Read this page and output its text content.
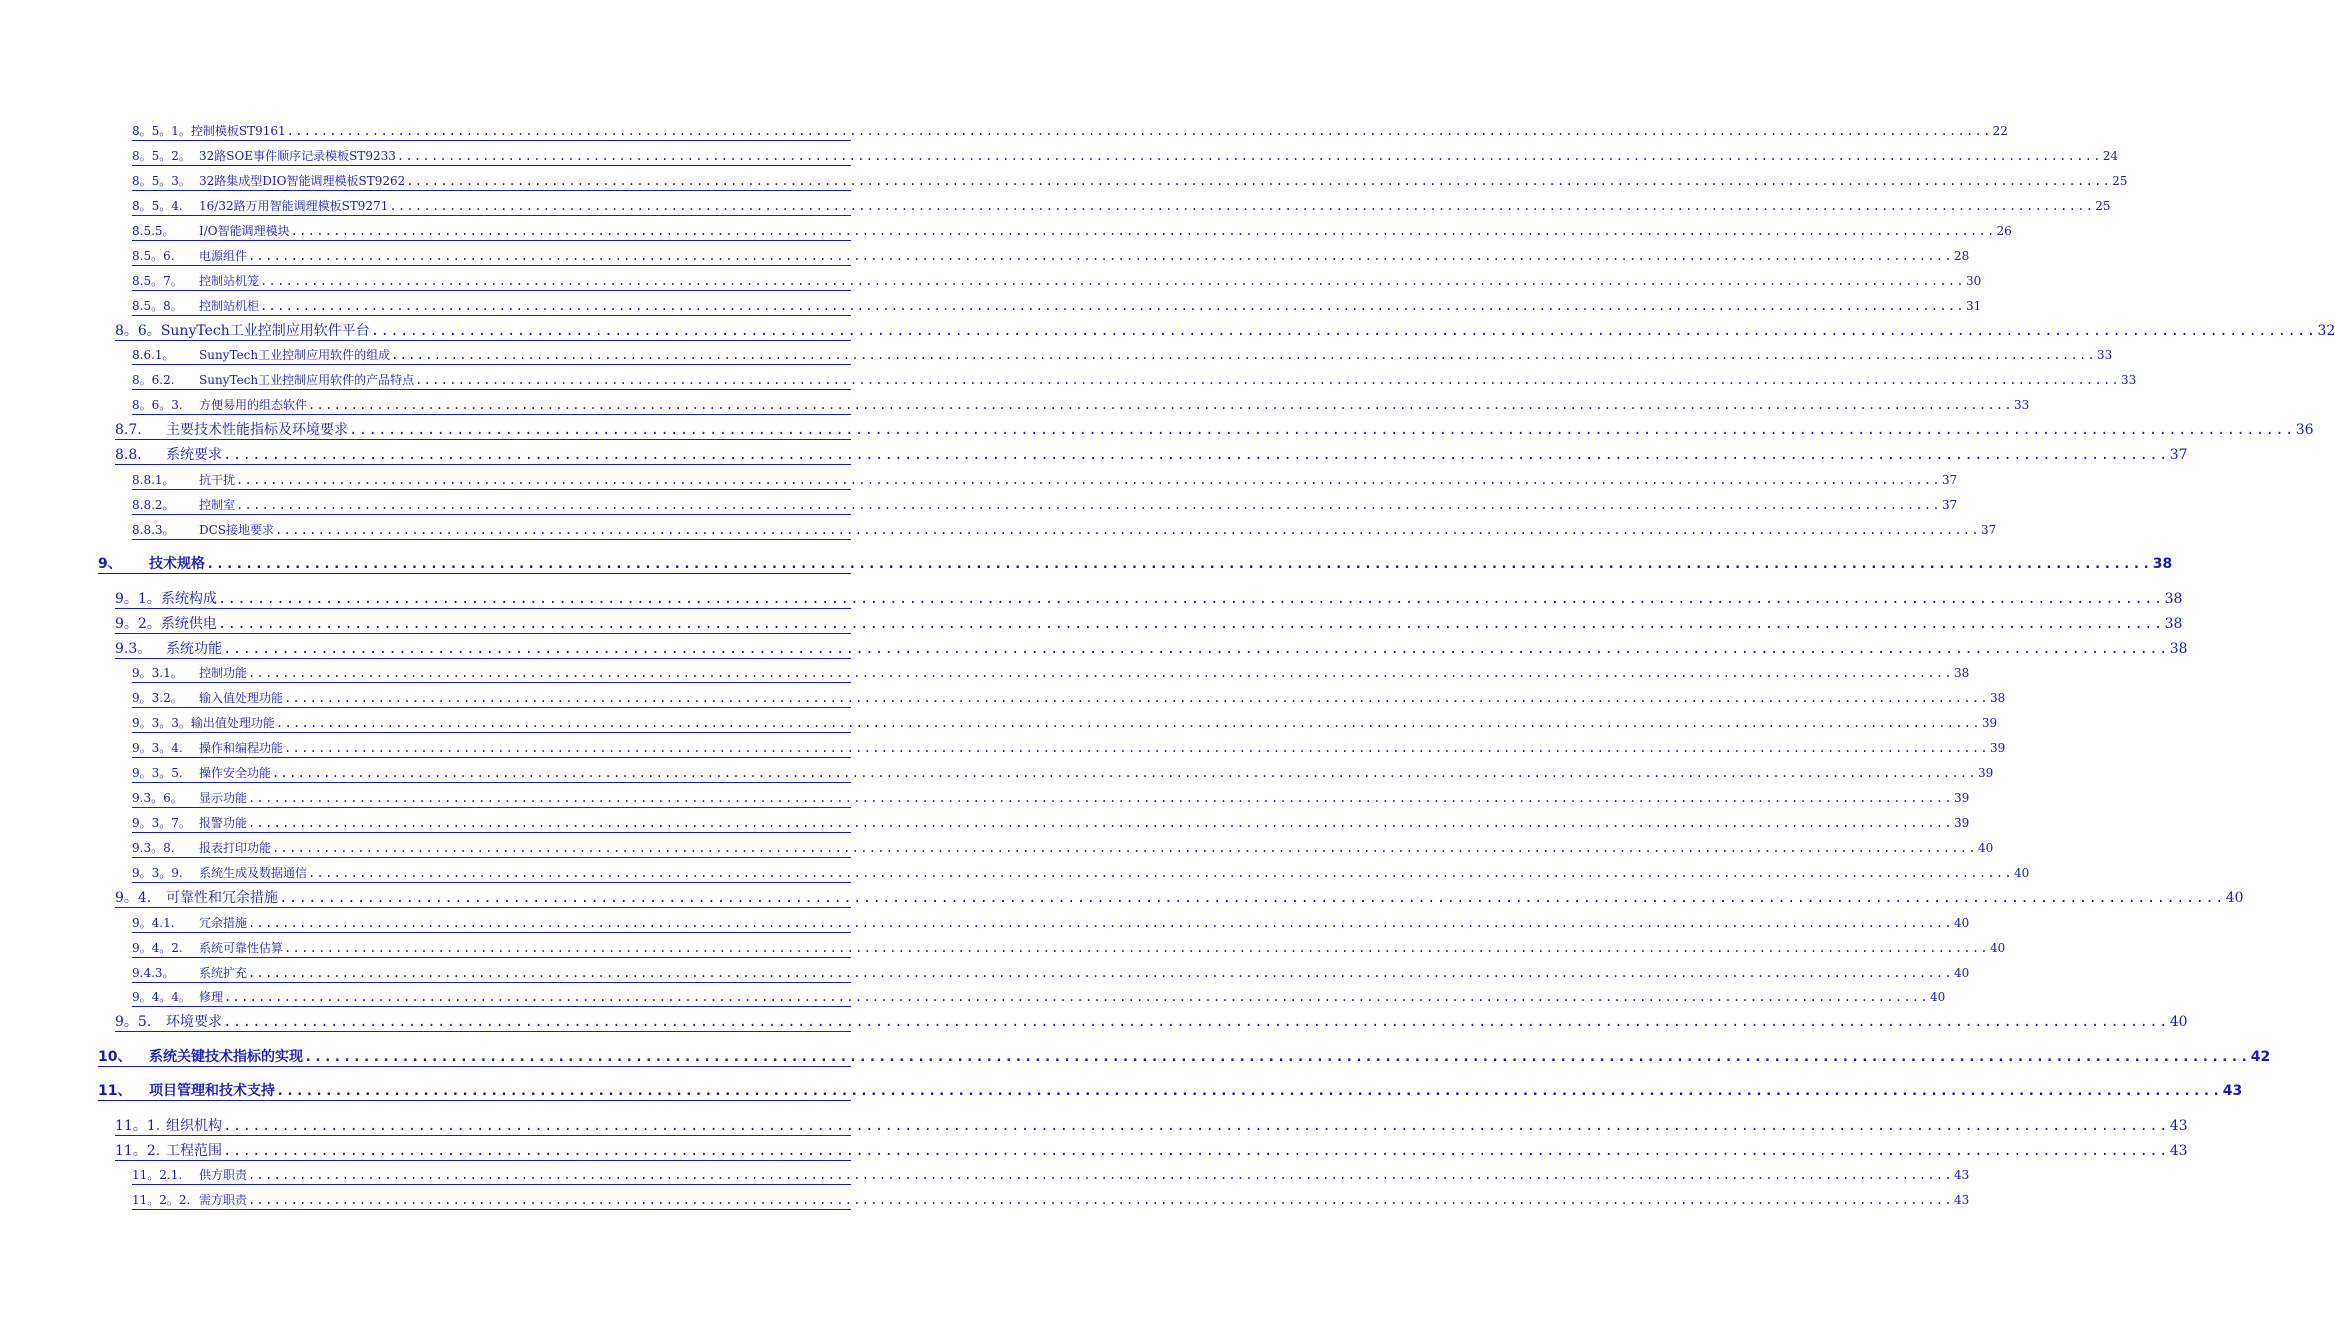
8。5。1。 控制模板ST9161 ........................................................................................................................................................................................................ 22
8。5。2。 32路SOE事件顺序记录模板ST9233 ........................................................................................................................................................................................................ 24
8。5。3。 32路集成型DIO智能调理模板ST9262 ........................................................................................................................................................................................................ 25
8。5。4.	16/32路万用智能调理模板ST9271 ........................................................................................................................................................................................................ 25
8.5.5。	I/O智能调理模块 ........................................................................................................................................................................................................ 26
8.5。6.	电源组件 ........................................................................................................................................................................................................ 28
8.5。7。	控制站机笼 ........................................................................................................................................................................................................ 30
8.5。8。	控制站机柜 ........................................................................................................................................................................................................ 31
8。6。 SunyTech工业控制应用软件平台 ........................................................................................................................................................................................................ 32
8.6.1。	SunyTech工业控制应用软件的组成 ........................................................................................................................................................................................................ 33
8。6.2.	SunyTech工业控制应用软件的产品特点 ........................................................................................................................................................................................................ 33
8。6。3.	方便易用的组态软件 ........................................................................................................................................................................................................ 33
8.7.	主要技术性能指标及环境要求 ........................................................................................................................................................................................................ 36
8.8.	系统要求 ........................................................................................................................................................................................................ 37
8.8.1。	抗干扰 ........................................................................................................................................................................................................ 37
8.8.2。	控制室 ........................................................................................................................................................................................................ 37
8.8.3。	DCS接地要求 ........................................................................................................................................................................................................ 37
9、	技术规格 ........................................................................................................................................................................................................ 38
9。1。 系统构成 ........................................................................................................................................................................................................ 38
9。2。 系统供电 ........................................................................................................................................................................................................ 38
9.3。	系统功能 ........................................................................................................................................................................................................ 38
9。3.1。	控制功能 ........................................................................................................................................................................................................ 38
9。3.2。	输入值处理功能 ........................................................................................................................................................................................................ 38
9。3。3。 输出值处理功能 ........................................................................................................................................................................................................ 39
9。3。4.	操作和编程功能 ........................................................................................................................................................................................................ 39
9。3。5.	操作安全功能 ........................................................................................................................................................................................................ 39
9.3。6。	显示功能 ........................................................................................................................................................................................................ 39
9。3。7。 报警功能 ........................................................................................................................................................................................................ 39
9.3。8.	报表打印功能 ........................................................................................................................................................................................................ 40
9。3。9.	系统生成及数据通信 ........................................................................................................................................................................................................ 40
9。4.	可靠性和冗余措施 ........................................................................................................................................................................................................ 40
9。4.1.	冗余措施 ........................................................................................................................................................................................................ 40
9。4。2.	系统可靠性估算 ........................................................................................................................................................................................................ 40
9.4.3。	系统扩充 ........................................................................................................................................................................................................ 40
9。4。4。 修理 ........................................................................................................................................................................................................ 40
9。5.	环境要求 ........................................................................................................................................................................................................ 40
10、	系统关键技术指标的实现 ........................................................................................................................................................................................................ 42
11、	项目管理和技术支持 ........................................................................................................................................................................................................ 43
11。1. 组织机构 ........................................................................................................................................................................................................ 43
11。2. 工程范围 ........................................................................................................................................................................................................ 43
11。2.1.	供方职责 ........................................................................................................................................................................................................ 43
11。2。2. 需方职责 ........................................................................................................................................................................................................ 43
